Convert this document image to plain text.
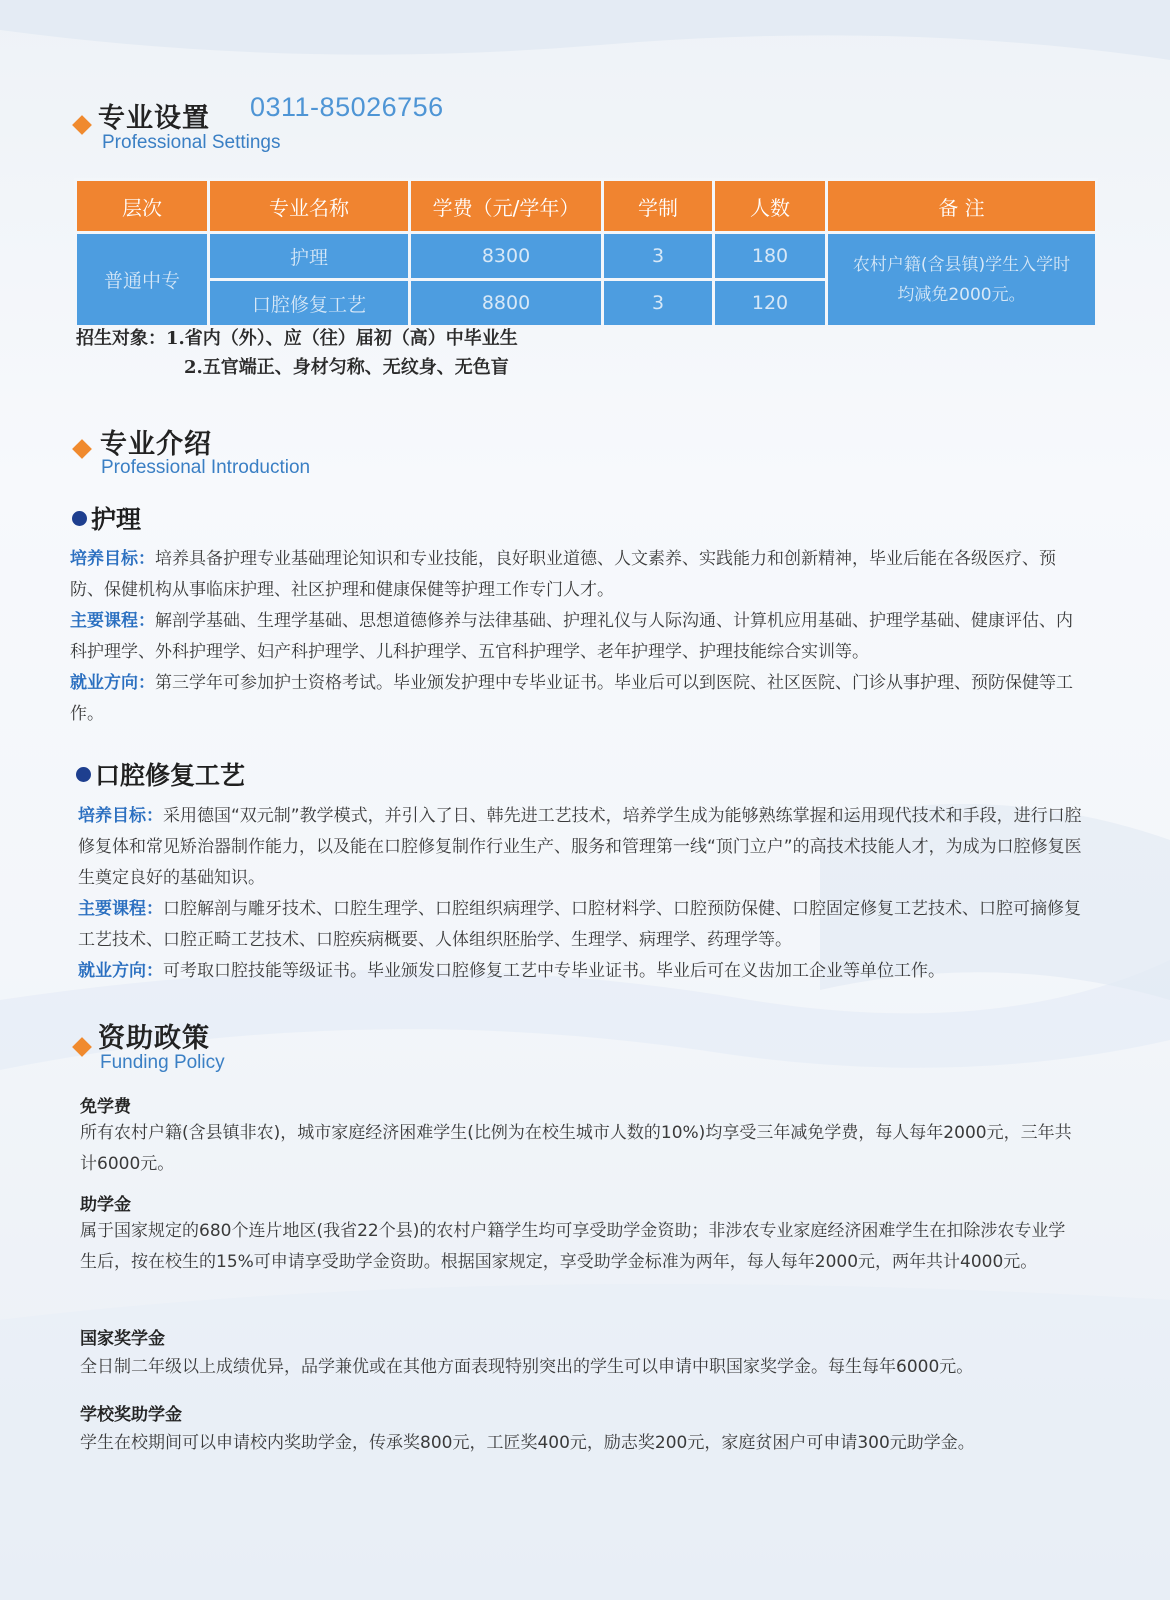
专业设置
Professional Settings
0311-85026756
层次	专业名称	学费（元/学年）	学制	人数	备 注
普通中专	护理	8300	3	180	农村户籍(含县镇)学生入学时均减免2000元。
	口腔修复工艺	8800	3	120	
招生对象：1.省内（外）、应（往）届初（高）中毕业生
2.五官端正、身材匀称、无纹身、无色盲
专业介绍
Professional Introduction
护理

培养目标：培养具备护理专业基础理论知识和专业技能，良好职业道德、人文素养、实践能力和创新精神，毕业后能在各级医疗、预防、保健机构从事临床护理、社区护理和健康保健等护理工作专门人才。

主要课程：解剖学基础、生理学基础、思想道德修养与法律基础、护理礼仪与人际沟通、计算机应用基础、护理学基础、健康评估、内科护理学、外科护理学、妇产科护理学、儿科护理学、五官科护理学、老年护理学、护理技能综合实训等。

就业方向：第三学年可参加护士资格考试。毕业颁发护理中专毕业证书。毕业后可以到医院、社区医院、门诊从事护理、预防保健等工作。

口腔修复工艺

培养目标：采用德国“双元制”教学模式，并引入了日、韩先进工艺技术，培养学生成为能够熟练掌握和运用现代技术和手段，进行口腔修复体和常见矫治器制作能力，以及能在口腔修复制作行业生产、服务和管理第一线“顶门立户”的高技术技能人才，为成为口腔修复医生奠定良好的基础知识。

主要课程：口腔解剖与雕牙技术、口腔生理学、口腔组织病理学、口腔材料学、口腔预防保健、口腔固定修复工艺技术、口腔可摘修复工艺技术、口腔正畸工艺技术、口腔疾病概要、人体组织胚胎学、生理学、病理学、药理学等。

就业方向：可考取口腔技能等级证书。毕业颁发口腔修复工艺中专毕业证书。毕业后可在义齿加工企业等单位工作。

资助政策
Funding Policy
免学费
所有农村户籍(含县镇非农)，城市家庭经济困难学生(比例为在校生城市人数的10%)均享受三年减免学费，每人每年2000元，三年共计6000元。
助学金
属于国家规定的680个连片地区(我省22个县)的农村户籍学生均可享受助学金资助；非涉农专业家庭经济困难学生在扣除涉农专业学生后，按在校生的15%可申请享受助学金资助。根据国家规定，享受助学金标准为两年，每人每年2000元，两年共计4000元。
国家奖学金
全日制二年级以上成绩优异，品学兼优或在其他方面表现特别突出的学生可以申请中职国家奖学金。每生每年6000元。
学校奖助学金
学生在校期间可以申请校内奖助学金，传承奖800元，工匠奖400元，励志奖200元，家庭贫困户可申请300元助学金。
